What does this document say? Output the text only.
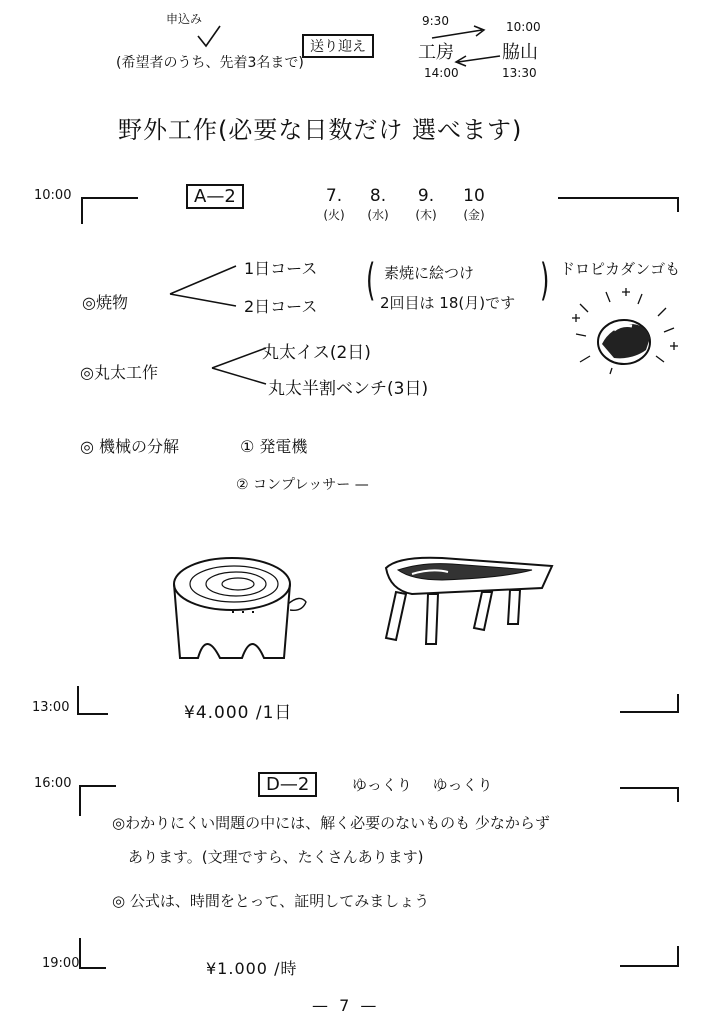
申込み
(希望者のうち、先着3名まで)
送り迎え
9:30	10:00
工房	脇山
14:00	13:30
野外工作(必要な日数だけ 選べます)
10:00	A—2	7.
(火)
8.
(水)
9.
(木)
10
(金)
◎焼物
1日コース
2日コース
( 素焼に絵つけ
2回目は 18(月)です ) ドロピカダンゴも
◎丸太工作
丸太イス(2日)
丸太半割ベンチ(3日)
◎ 機械の分解	① 発電機
② コンプレッサー —
13:00	¥4.000 /1日
16:00	D—2	ゆっくり ゆっくり
◎わかりにくい問題の中には、解く必要のないものも 少なからず
あります。(文理ですら、たくさんあります)
◎ 公式は、時間をとって、証明してみましょう
19:00	¥1.000 /時
— 7 —
